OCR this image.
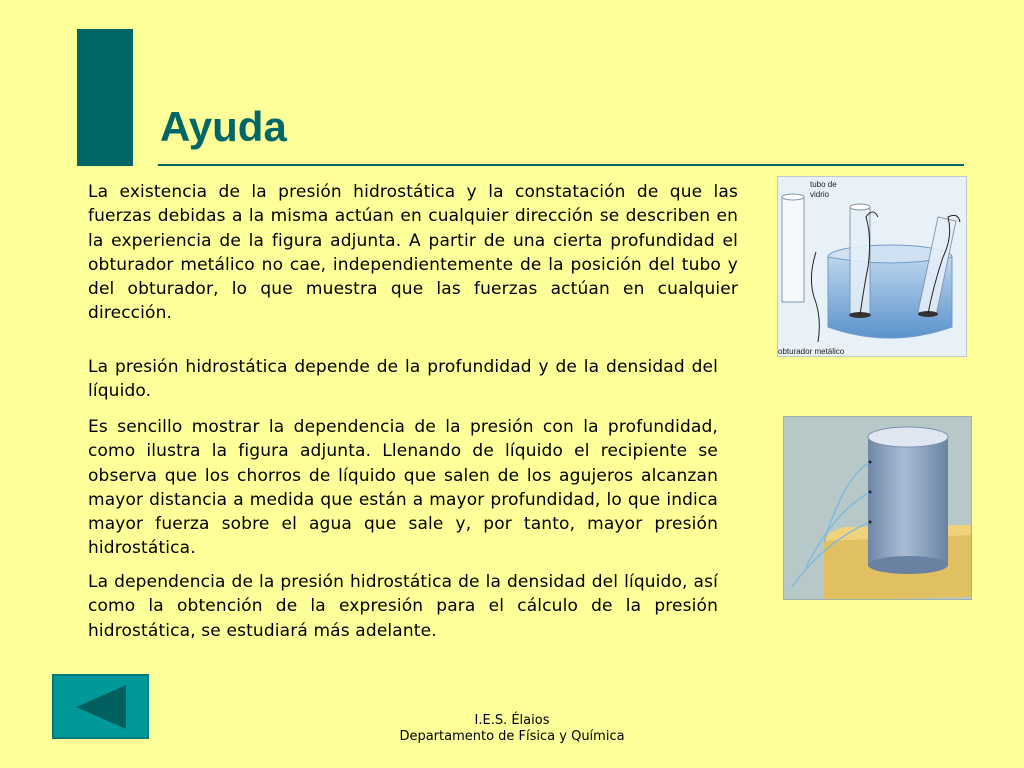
Ayuda

La existencia de la presión hidrostática y la constatación de que las fuerzas debidas a la misma actúan en cualquier dirección se describen en la experiencia de la figura adjunta. A partir de una cierta profundidad el obturador metálico no cae, independientemente de la posición del tubo y del obturador, lo que muestra que las fuerzas actúan en cualquier dirección.

La presión hidrostática depende de la profundidad y de la densidad del líquido.

Es sencillo mostrar la dependencia de la presión con la profundidad, como ilustra la figura adjunta. Llenando de líquido el recipiente se observa que los chorros de líquido que salen de los agujeros alcanzan mayor distancia a medida que están a mayor profundidad, lo que indica mayor fuerza sobre el agua que sale y, por tanto, mayor presión hidrostática.

La dependencia de la presión hidrostática de la densidad del líquido, así como la obtención de la expresión para el cálculo de la presión hidrostática, se estudiará más adelante.

tubo de
vidrio
obturador metálico
I.E.S. Élaios
Departamento de Física y Química
